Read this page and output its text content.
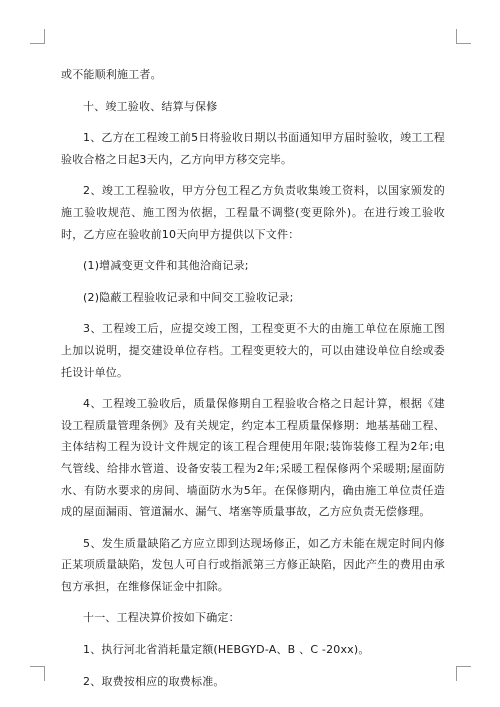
或不能顺利施工者。

十、竣工验收、结算与保修

1、乙方在工程竣工前5日将验收日期以书面通知甲方届时验收，竣工工程验收合格之日起3天内，乙方向甲方移交完毕。

2、竣工工程验收，甲方分包工程乙方负责收集竣工资料，以国家颁发的施工验收规范、施工图为依据，工程量不调整(变更除外)。在进行竣工验收时，乙方应在验收前10天向甲方提供以下文件：

(1)增减变更文件和其他洽商记录;

(2)隐蔽工程验收记录和中间交工验收记录;

3、工程竣工后，应提交竣工图，工程变更不大的由施工单位在原施工图上加以说明，提交建设单位存档。工程变更较大的，可以由建设单位自绘或委托设计单位。

4、工程竣工验收后，质量保修期自工程验收合格之日起计算，根据《建设工程质量管理条例》及有关规定，约定本工程质量保修期：地基基础工程、主体结构工程为设计文件规定的该工程合理使用年限;装饰装修工程为2年;电气管线、给排水管道、设备安装工程为2年;采暖工程保修两个采暖期;屋面防水、有防水要求的房间、墙面防水为5年。在保修期内，确由施工单位责任造成的屋面漏雨、管道漏水、漏气、堵塞等质量事故，乙方应负责无偿修理。

5、发生质量缺陷乙方应立即到达现场修正，如乙方未能在规定时间内修正某项质量缺陷，发包人可自行或指派第三方修正缺陷，因此产生的费用由承包方承担，在维修保证金中扣除。

十一、工程决算价按如下确定：

1、执行河北省消耗量定额(HEBGYD-A、B 、C -20xx)。

2、取费按相应的取费标准。
